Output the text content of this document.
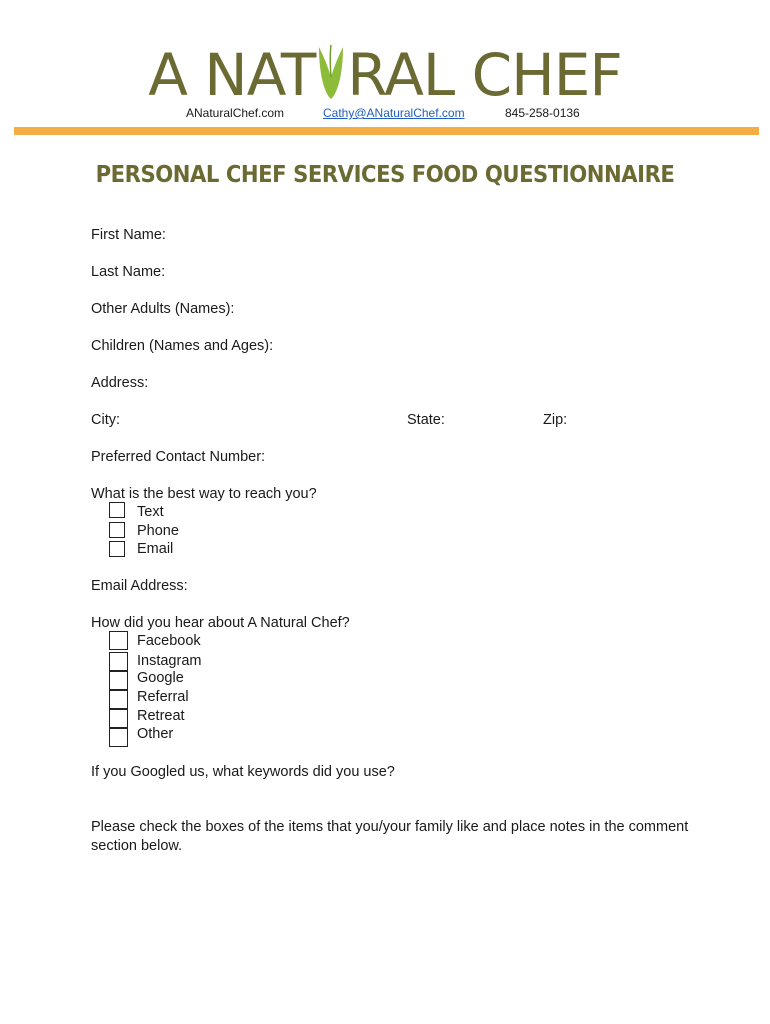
A NAT RAL CHEF
ANaturalChef.com	Cathy@ANaturalChef.com	845-258-0136
PERSONAL CHEF SERVICES FOOD QUESTIONNAIRE
First Name:
Last Name:
Other Adults (Names):
Children (Names and Ages):
Address:
City:	State:	Zip:
Preferred Contact Number:
What is the best way to reach you?
Text
Phone
Email
Email Address:
How did you hear about A Natural Chef?
Facebook
Instagram
Google
Referral
Retreat
Other
If you Googled us, what keywords did you use?
Please check the boxes of the items that you/your family like and place notes in the comment section below.
